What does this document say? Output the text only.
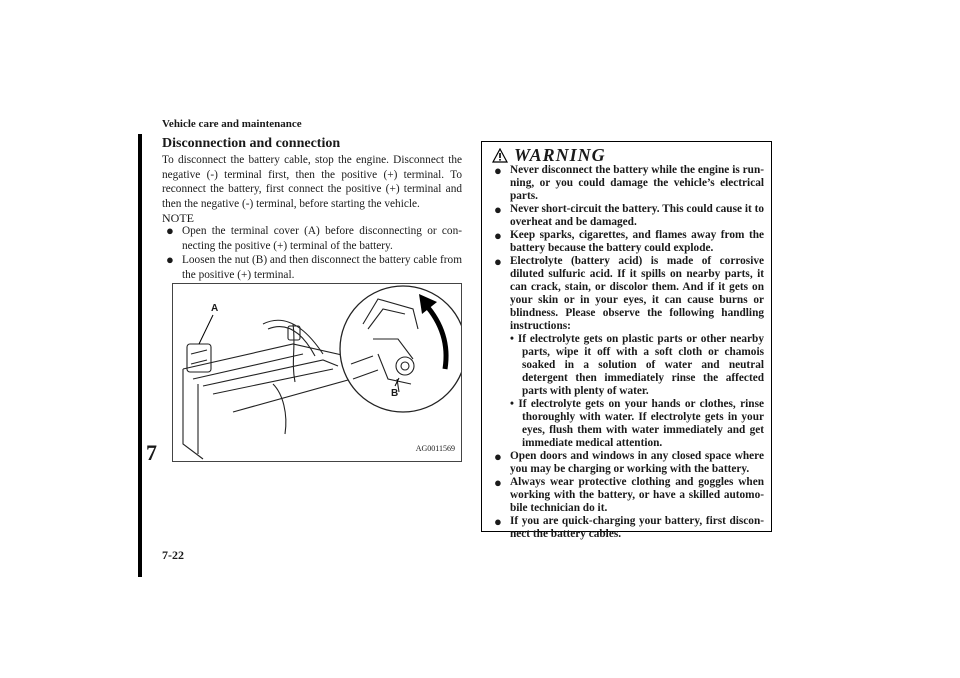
Vehicle care and maintenance
7
7-22
Disconnection and connection
To disconnect the battery cable, stop the engine. Disconnect the negative (-) terminal first, then the positive (+) terminal. To reconnect the battery, first connect the positive (+) terminal and then the negative (-) terminal, before starting the vehicle.
NOTE
● Open the terminal cover (A) before disconnecting or con-necting the positive (+) terminal of the battery.
● Loosen the nut (B) and then disconnect the battery cable from the positive (+) terminal.
A
B
AG0011569
WARNING
● Never disconnect the battery while the engine is run-ning, or you could damage the vehicle’s electrical parts.
● Never short-circuit the battery. This could cause it to overheat and be damaged.
● Keep sparks, cigarettes, and flames away from the battery because the battery could explode.
● Electrolyte (battery acid) is made of corrosive diluted sulfuric acid. If it spills on nearby parts, it can crack, stain, or discolor them. And if it gets on your skin or in your eyes, it can cause burns or blindness. Please observe the following handling instructions:
• If electrolyte gets on plastic parts or other nearby parts, wipe it off with a soft cloth or chamois soaked in a solution of water and neutral detergent then immediately rinse the affected parts with plenty of water.
• If electrolyte gets on your hands or clothes, rinse thoroughly with water. If electrolyte gets in your eyes, flush them with water immediately and get immediate medical attention.
● Open doors and windows in any closed space where you may be charging or working with the battery.
● Always wear protective clothing and goggles when working with the battery, or have a skilled automo-bile technician do it.
● If you are quick-charging your battery, first discon-nect the battery cables.
